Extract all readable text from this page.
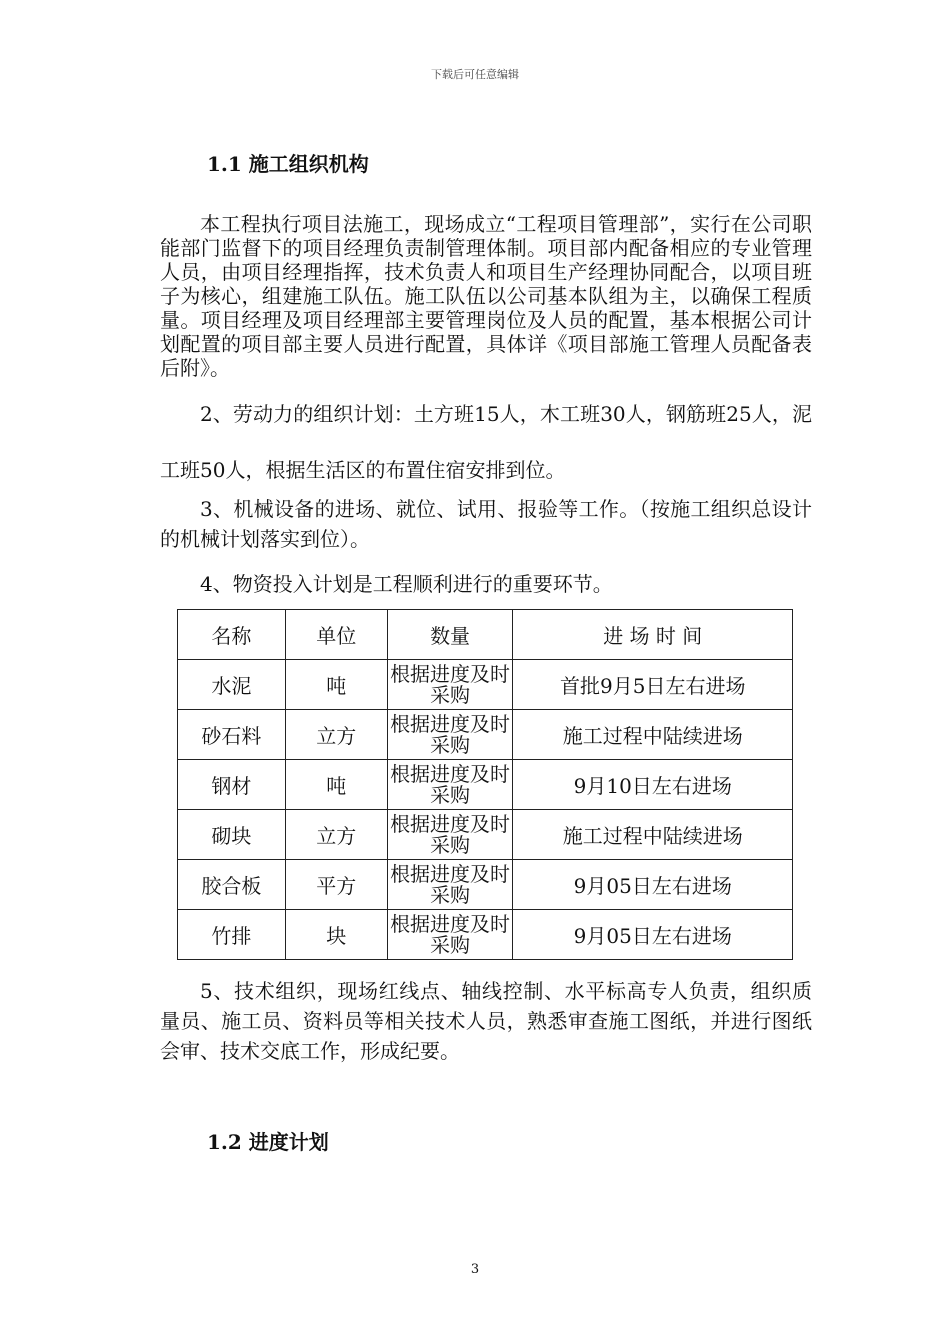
下载后可任意编辑
1.1 施工组织机构

本工程执行项目法施工，现场成立“工程项目管理部”，实行在公司职能部门监督下的项目经理负责制管理体制。项目部内配备相应的专业管理人员，由项目经理指挥，技术负责人和项目生产经理协同配合，以项目班子为核心，组建施工队伍。施工队伍以公司基本队组为主，以确保工程质量。项目经理及项目经理部主要管理岗位及人员的配置，基本根据公司计划配置的项目部主要人员进行配置，具体详《项目部施工管理人员配备表后附》。

2、劳动力的组织计划：土方班15人，木工班30人，钢筋班25人，泥工班50人，根据生活区的布置住宿安排到位。

3、机械设备的进场、就位、试用、报验等工作。（按施工组织总设计的机械计划落实到位）。

4、物资投入计划是工程顺利进行的重要环节。

名称	单位	数量	进 场 时 间
水泥	吨	根据进度及时采购	首批9月5日左右进场
砂石料	立方	根据进度及时采购	施工过程中陆续进场
钢材	吨	根据进度及时采购	9月10日左右进场
砌块	立方	根据进度及时采购	施工过程中陆续进场
胶合板	平方	根据进度及时采购	9月05日左右进场
竹排	块	根据进度及时采购	9月05日左右进场

5、技术组织，现场红线点、轴线控制、水平标高专人负责，组织质量员、施工员、资料员等相关技术人员，熟悉审查施工图纸，并进行图纸会审、技术交底工作，形成纪要。

1.2 进度计划
3
